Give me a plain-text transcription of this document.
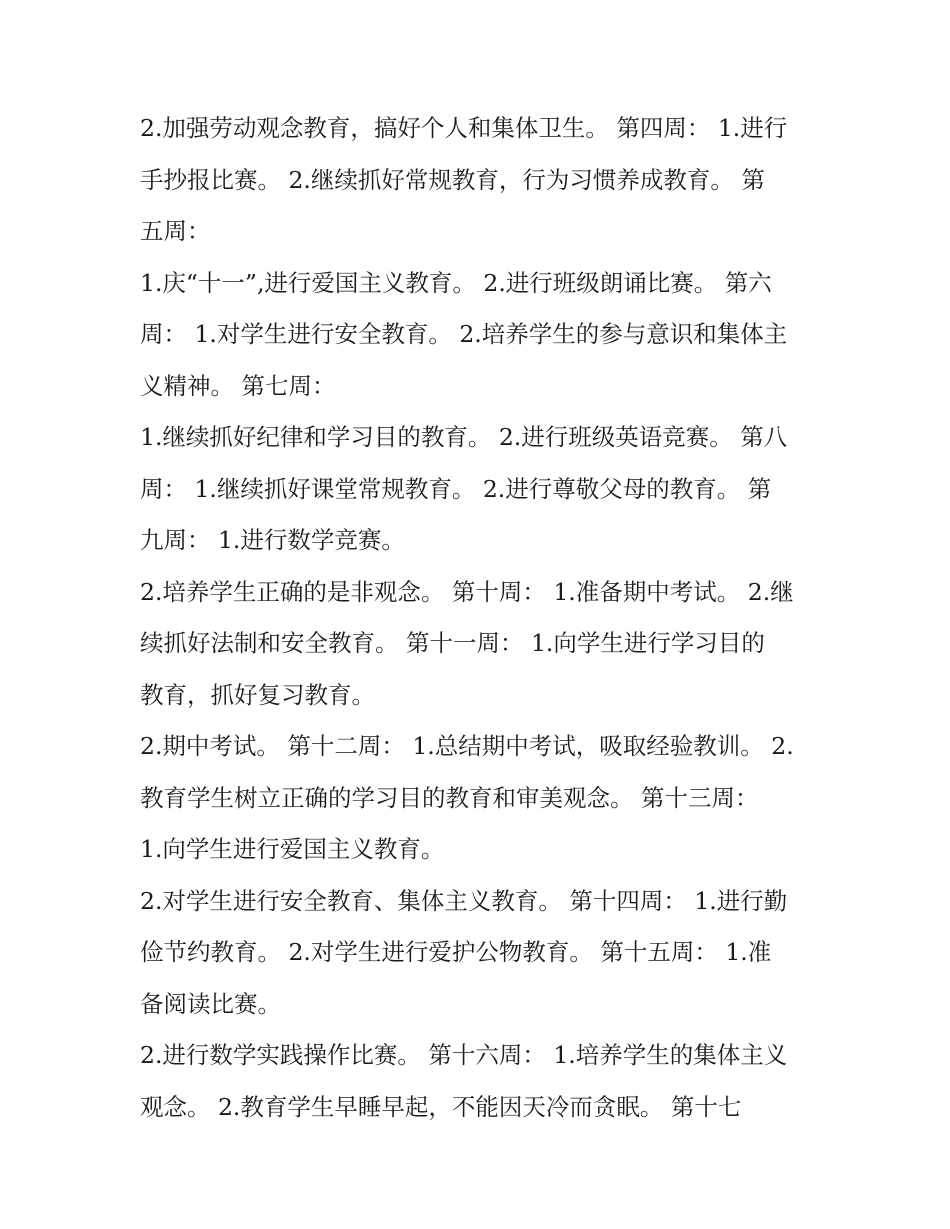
2.加强劳动观念教育，搞好个人和集体卫生。 第四周： 1.进行
手抄报比赛。 2.继续抓好常规教育，行为习惯养成教育。 第
五周：

1.庆“十一”,进行爱国主义教育。 2.进行班级朗诵比赛。 第六
周： 1.对学生进行安全教育。 2.培养学生的参与意识和集体主
义精神。 第七周：

1.继续抓好纪律和学习目的教育。 2.进行班级英语竞赛。 第八
周： 1.继续抓好课堂常规教育。 2.进行尊敬父母的教育。 第
九周： 1.进行数学竞赛。

2.培养学生正确的是非观念。 第十周： 1.准备期中考试。 2.继
续抓好法制和安全教育。 第十一周： 1.向学生进行学习目的
教育，抓好复习教育。

2.期中考试。 第十二周： 1.总结期中考试，吸取经验教训。 2.
教育学生树立正确的学习目的教育和审美观念。 第十三周：
1.向学生进行爱国主义教育。

2.对学生进行安全教育、集体主义教育。 第十四周： 1.进行勤
俭节约教育。 2.对学生进行爱护公物教育。 第十五周： 1.准
备阅读比赛。

2.进行数学实践操作比赛。 第十六周： 1.培养学生的集体主义
观念。 2.教育学生早睡早起，不能因天冷而贪眠。 第十七
